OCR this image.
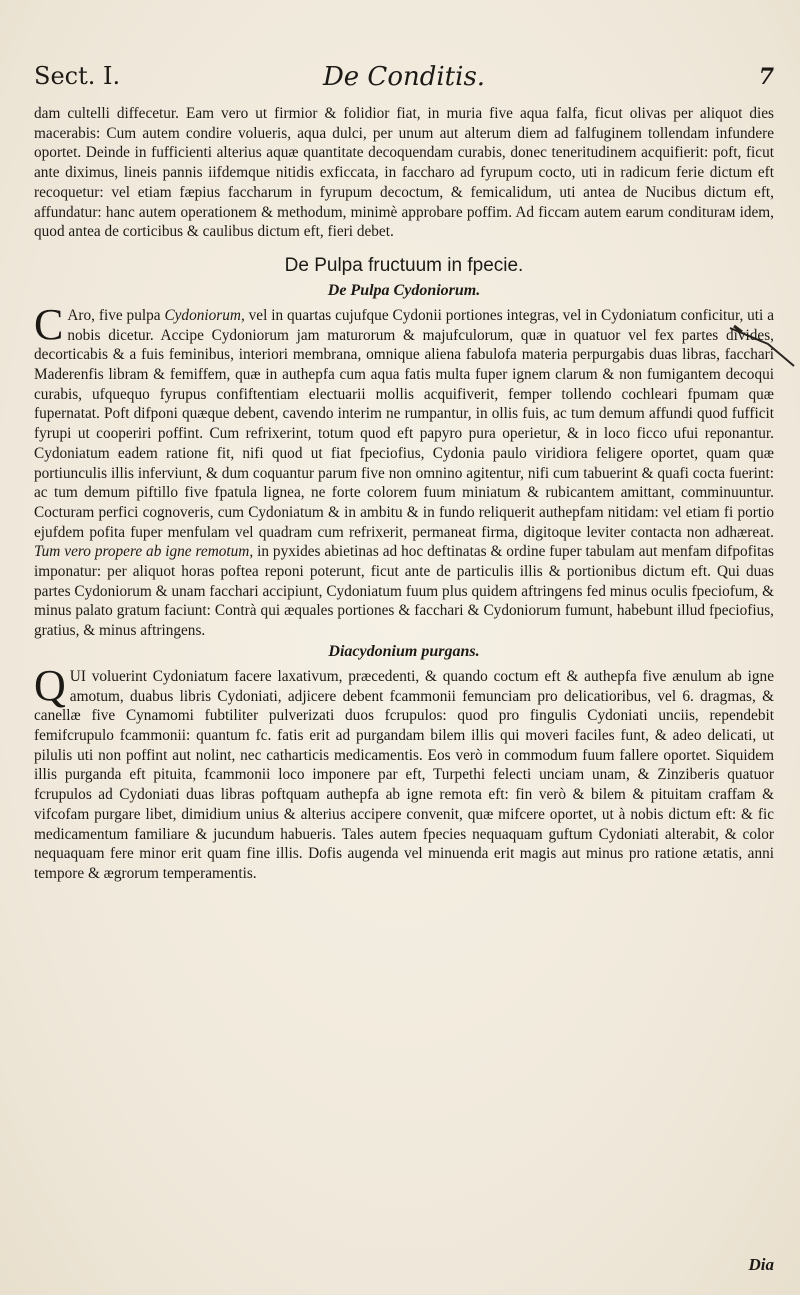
Sect. I.	De Conditis.	7

dam cultelli diffecetur. Eam vero ut firmior & folidior fiat, in muria five aqua falfa, ficut olivas per aliquot dies macerabis: Cum autem condire volueris, aqua dulci, per unum aut alterum diem ad falfuginem tollendam infundere oportet. Deinde in fufficienti alterius aquæ quantitate decoquendam curabis, donec teneritudinem acquifierit: poft, ficut ante diximus, lineis pannis iifdemque nitidis exficcata, in faccharo ad fyrupum cocto, uti in radicum ferie dictum eft recoquetur: vel etiam fæpius faccharum in fyrupum decoctum, & femicalidum, uti antea de Nucibus dictum eft, affundatur: hanc autem operationem & methodum, minimè approbare poffim. Ad ficcam autem earum conditurам idem, quod antea de corticibus & caulibus dictum eft, fieri debet.

De Pulpa fructuum in fpecie.
De Pulpa Cydoniorum.

C Aro, five pulpa Cydoniorum, vel in quartas cujufque Cydonii portiones integras, vel in Cydoniatum conficitur, uti a nobis dicetur. Accipe Cydoniorum jam maturorum & majufculorum, quæ in quatuor vel fex partes divides, decorticabis & a fuis feminibus, interiori membrana, omnique aliena fabulofa materia perpurgabis duas libras, facchari Maderenfis libram & femiffem, quæ in authepfa cum aqua fatis multa fuper ignem clarum & non fumigantem decoqui curabis, ufquequo fyrupus confiftentiam electuarii mollis acquifiverit, femper tollendo cochleari fpumam quæ fupernatat. Poft difponi quæque debent, cavendo interim ne rumpantur, in ollis fuis, ac tum demum affundi quod fufficit fyrupi ut cooperiri poffint. Cum refrixerint, totum quod eft papyro pura operietur, & in loco ficco ufui reponantur. Cydoniatum eadem ratione fit, nifi quod ut fiat fpeciofius, Cydonia paulo viridiora feligere oportet, quam quæ portiunculis illis inferviunt, & dum coquantur parum five non omnino agitentur, nifi cum tabuerint & quafi cocta fuerint: ac tum demum piftillo five fpatula lignea, ne forte colorem fuum miniatum & rubicantem amittant, comminuuntur. Cocturam perfici cognoveris, cum Cydoniatum & in ambitu & in fundo reliquerit authepfam nitidam: vel etiam fi portio ejufdem pofita fuper menfulam vel quadram cum refrixerit, permaneat firma, digitoque leviter contacta non adhæreat. Tum vero propere ab igne remotum, in pyxides abietinas ad hoc deftinatas & ordine fuper tabulam aut menfam difpofitas imponatur: per aliquot horas poftea reponi poterunt, ficut ante de particulis illis & portionibus dictum eft. Qui duas partes Cydoniorum & unam facchari accipiunt, Cydoniatum fuum plus quidem aftringens fed minus oculis fpeciofum, & minus palato gratum faciunt: Contrà qui æquales portiones & facchari & Cydoniorum fumunt, habebunt illud fpeciofius, gratius, & minus aftringens.

Diacydonium purgans.

QUI voluerint Cydoniatum facere laxativum, præcedenti, & quando coctum eft & authepfa five ænulum ab igne amotum, duabus libris Cydoniati, adjicere debent fcammonii femunciam pro delicatioribus, vel 6. dragmas, & canellæ five Cynamomi fubtiliter pulverizati duos fcrupulos: quod pro fingulis Cydoniati unciis, rependebit femifcrupulo fcammonii: quantum fc. fatis erit ad purgandam bilem illis qui moveri faciles funt, & adeo delicati, ut pilulis uti non poffint aut nolint, nec catharticis medicamentis. Eos verò in commodum fuum fallere oportet. Siquidem illis purganda eft pituita, fcammonii loco imponere par eft, Turpethi felecti unciam unam, & Zinziberis quatuor fcrupulos ad Cydoniati duas libras poftquam authepfa ab igne remota eft: fin verò & bilem & pituitam craffam & vifcofam purgare libet, dimidium unius & alterius accipere convenit, quæ mifcere oportet, ut à nobis dictum eft: & fic medicamentum familiare & jucundum habueris. Tales autem fpecies nequaquam guftum Cydoniati alterabit, & color nequaquam fere minor erit quam fine illis. Dofis augenda vel minuenda erit magis aut minus pro ratione ætatis, anni tempore & ægrorum temperamentis.

Dia
